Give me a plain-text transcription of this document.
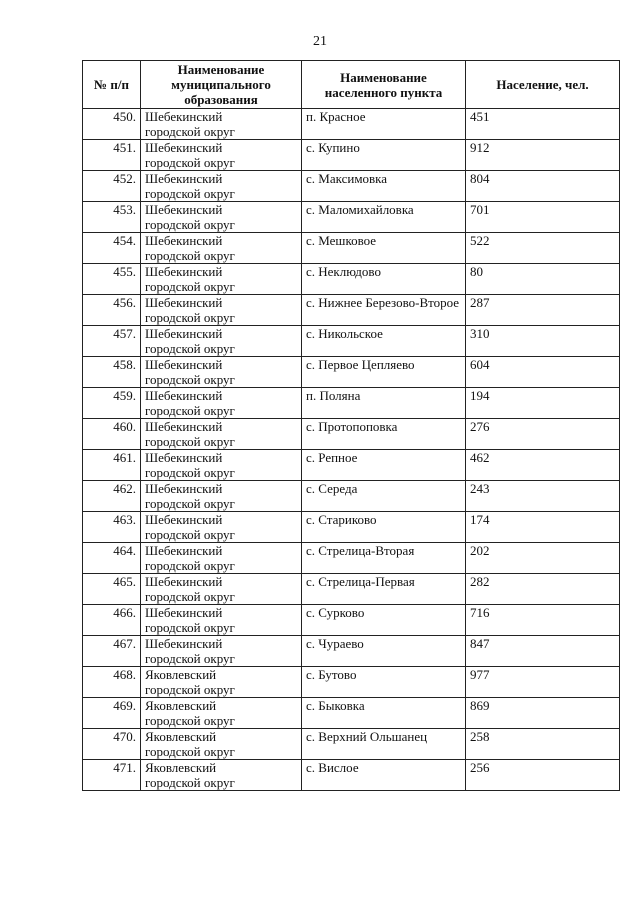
21
№ п/п	Наименование муниципального образования	Наименование населенного пункта	Население, чел.

450.	Шебекинский
городской округ	п. Красное	451

451.	Шебекинский
городской округ	с. Купино	912

452.	Шебекинский
городской округ	с. Максимовка	804

453.	Шебекинский
городской округ	с. Маломихайловка	701

454.	Шебекинский
городской округ	с. Мешковое	522

455.	Шебекинский
городской округ	с. Неклюдово	80

456.	Шебекинский
городской округ	с. Нижнее Березово-Второе	287

457.	Шебекинский
городской округ	с. Никольское	310

458.	Шебекинский
городской округ	с. Первое Цепляево	604

459.	Шебекинский
городской округ	п. Поляна	194

460.	Шебекинский
городской округ	с. Протопоповка	276

461.	Шебекинский
городской округ	с. Репное	462

462.	Шебекинский
городской округ	с. Середа	243

463.	Шебекинский
городской округ	с. Стариково	174

464.	Шебекинский
городской округ	с. Стрелица-Вторая	202

465.	Шебекинский
городской округ	с. Стрелица-Первая	282

466.	Шебекинский
городской округ	с. Сурково	716

467.	Шебекинский
городской округ	с. Чураево	847

468.	Яковлевский
городской округ	с. Бутово	977

469.	Яковлевский
городской округ	с. Быковка	869

470.	Яковлевский
городской округ	с. Верхний Ольшанец	258

471.	Яковлевский
городской округ	с. Вислое	256
